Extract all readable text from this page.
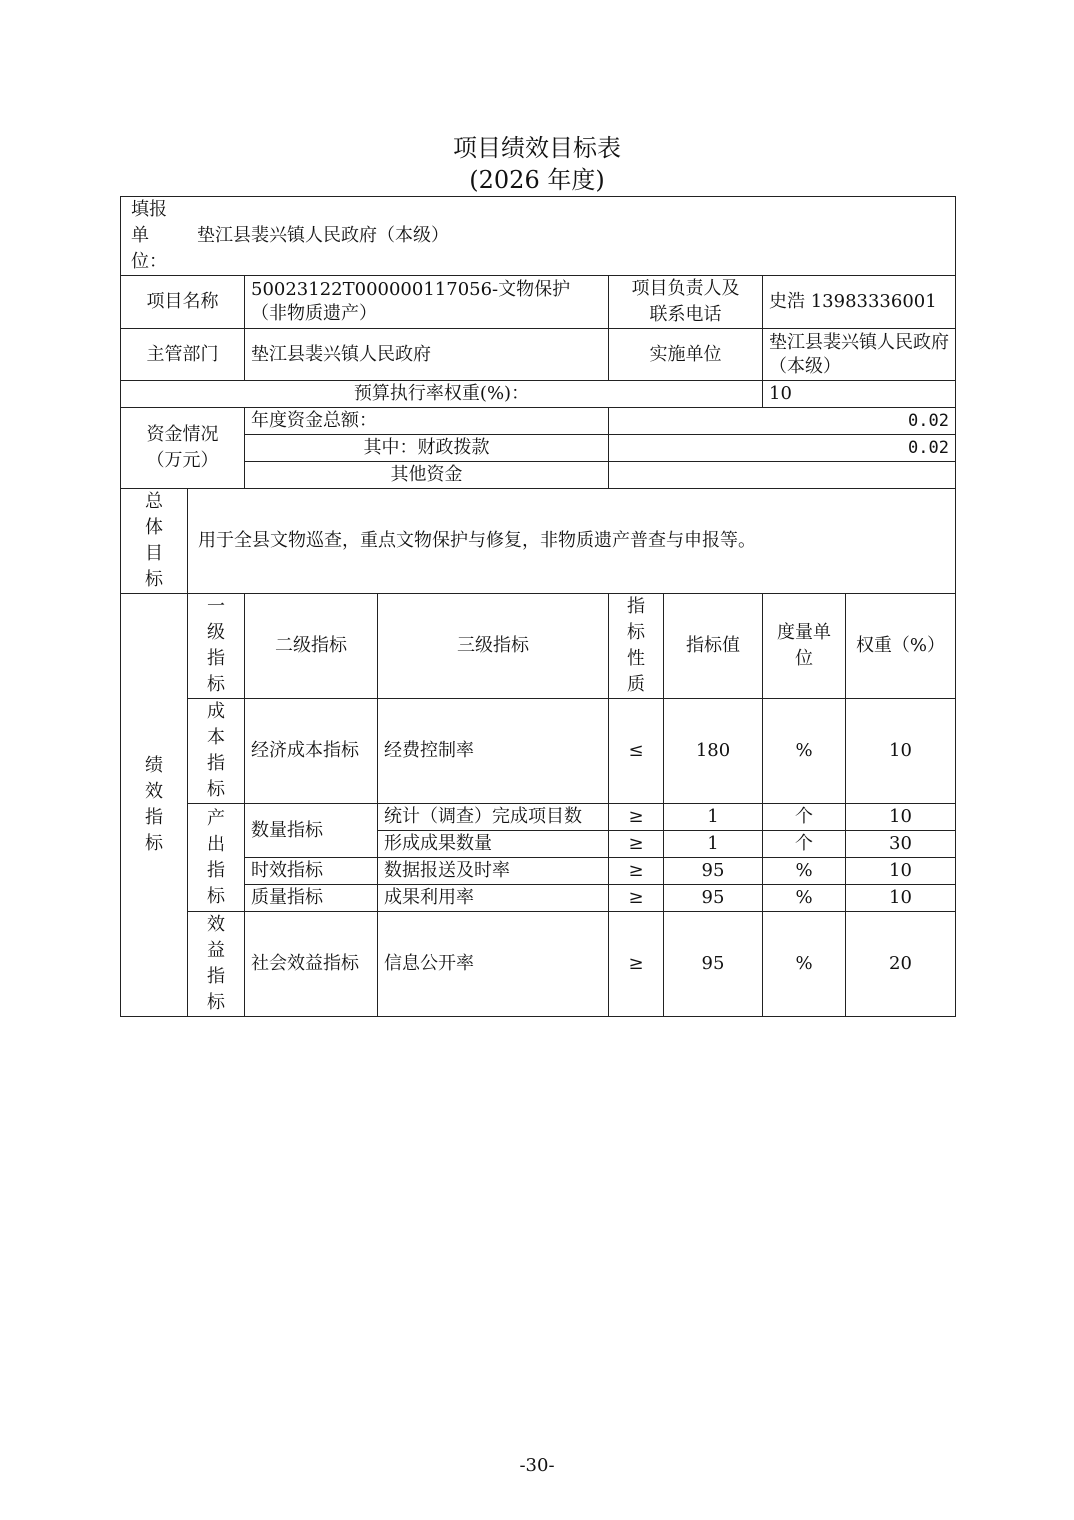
项目绩效目标表
(2026 年度)
填报
单
位：
垫江县裴兴镇人民政府（本级）							

项目名称		50023122T000000117056-文物保护（非物质遗产）		项目负责人及
联系电话		史浩 13983336001	
主管部门		垫江县裴兴镇人民政府		实施单位		垫江县裴兴镇人民政府（本级）	
预算执行率权重(%)：						10	

资金情况
（万元）		年度资金总额：		0.02			
		其中：财政拨款		0.02			
		其他资金					

总
体
目
标	用于全县文物巡查，重点文物保护与修复，非物质遗产普查与申报等。						

绩
效
指
标	一
级
指
标	二级指标	三级指标	指
标
性
质	指标值	度量单
位	权重（%）

	成
本
指
标	经济成本指标	经费控制率	≤	180	%	10

	产
出
指
标	数量指标	统计（调查）完成项目数	≥	1	个	10
			形成成果数量	≥	1	个	30
		时效指标	数据报送及时率	≥	95	%	10
		质量指标	成果利用率	≥	95	%	10

	效
益
指
标	社会效益指标	信息公开率	≥	95	%	20
-30-
